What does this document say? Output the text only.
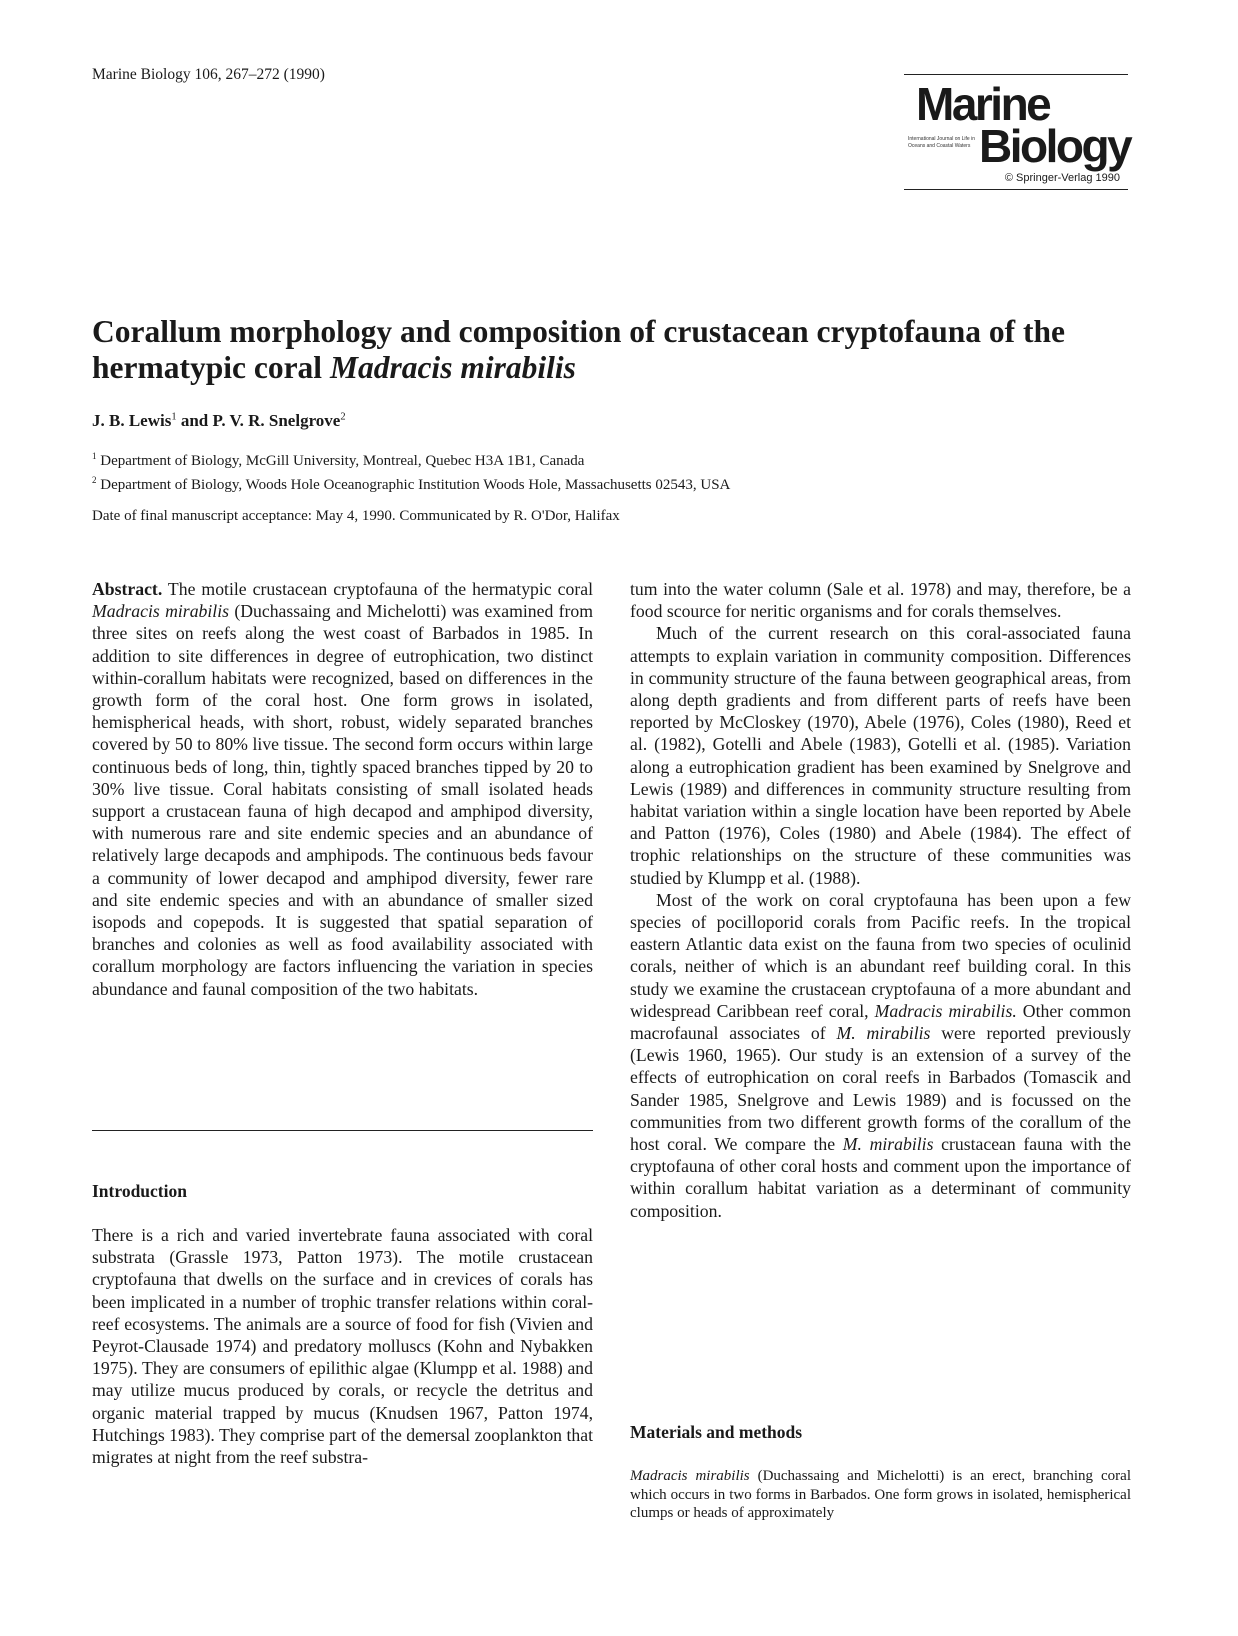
Marine Biology 106, 267–272 (1990)
Marine
International Journal on Life in Oceans and Coastal Waters Biology
© Springer-Verlag 1990
Corallum morphology and composition of crustacean cryptofauna of the hermatypic coral Madracis mirabilis
J. B. Lewis$^1$ and P. V. R. Snelgrove$^2$
$^1$ Department of Biology, McGill University, Montreal, Quebec H3A 1B1, Canada
$^2$ Department of Biology, Woods Hole Oceanographic Institution Woods Hole, Massachusetts 02543, USA
Date of final manuscript acceptance: May 4, 1990. Communicated by R. O'Dor, Halifax

Abstract. The motile crustacean cryptofauna of the hermatypic coral Madracis mirabilis (Duchassaing and Michelotti) was examined from three sites on reefs along the west coast of Barbados in 1985. In addition to site differences in degree of eutrophication, two distinct within-corallum habitats were recognized, based on differences in the growth form of the coral host. One form grows in isolated, hemispherical heads, with short, robust, widely separated branches covered by 50 to 80% live tissue. The second form occurs within large continuous beds of long, thin, tightly spaced branches tipped by 20 to 30% live tissue. Coral habitats consisting of small isolated heads support a crustacean fauna of high decapod and amphipod diversity, with numerous rare and site endemic species and an abundance of relatively large decapods and amphipods. The continuous beds favour a community of lower decapod and amphipod diversity, fewer rare and site endemic species and with an abundance of smaller sized isopods and copepods. It is suggested that spatial separation of branches and colonies as well as food availability associated with corallum morphology are factors influencing the variation in species abundance and faunal composition of the two habitats.

Introduction
There is a rich and varied invertebrate fauna associated with coral substrata (Grassle 1973, Patton 1973). The motile crustacean cryptofauna that dwells on the surface and in crevices of corals has been implicated in a number of trophic transfer relations within coral-reef ecosystems. The animals are a source of food for fish (Vivien and Peyrot-Clausade 1974) and predatory molluscs (Kohn and Nybakken 1975). They are consumers of epilithic algae (Klumpp et al. 1988) and may utilize mucus produced by corals, or recycle the detritus and organic material trapped by mucus (Knudsen 1967, Patton 1974, Hutchings 1983). They comprise part of the demersal zooplankton that migrates at night from the reef substra-

tum into the water column (Sale et al. 1978) and may, therefore, be a food scource for neritic organisms and for corals themselves.

Much of the current research on this coral-associated fauna attempts to explain variation in community composition. Differences in community structure of the fauna between geographical areas, from along depth gradients and from different parts of reefs have been reported by McCloskey (1970), Abele (1976), Coles (1980), Reed et al. (1982), Gotelli and Abele (1983), Gotelli et al. (1985). Variation along a eutrophication gradient has been examined by Snelgrove and Lewis (1989) and differences in community structure resulting from habitat variation within a single location have been reported by Abele and Patton (1976), Coles (1980) and Abele (1984). The effect of trophic relationships on the structure of these communities was studied by Klumpp et al. (1988).

Most of the work on coral cryptofauna has been upon a few species of pocilloporid corals from Pacific reefs. In the tropical eastern Atlantic data exist on the fauna from two species of oculinid corals, neither of which is an abundant reef building coral. In this study we examine the crustacean cryptofauna of a more abundant and widespread Caribbean reef coral, Madracis mirabilis. Other common macrofaunal associates of M. mirabilis were reported previously (Lewis 1960, 1965). Our study is an extension of a survey of the effects of eutrophication on coral reefs in Barbados (Tomascik and Sander 1985, Snelgrove and Lewis 1989) and is focussed on the communities from two different growth forms of the corallum of the host coral. We compare the M. mirabilis crustacean fauna with the cryptofauna of other coral hosts and comment upon the importance of within corallum habitat variation as a determinant of community composition.

Materials and methods
Madracis mirabilis (Duchassaing and Michelotti) is an erect, branching coral which occurs in two forms in Barbados. One form grows in isolated, hemispherical clumps or heads of approximately
